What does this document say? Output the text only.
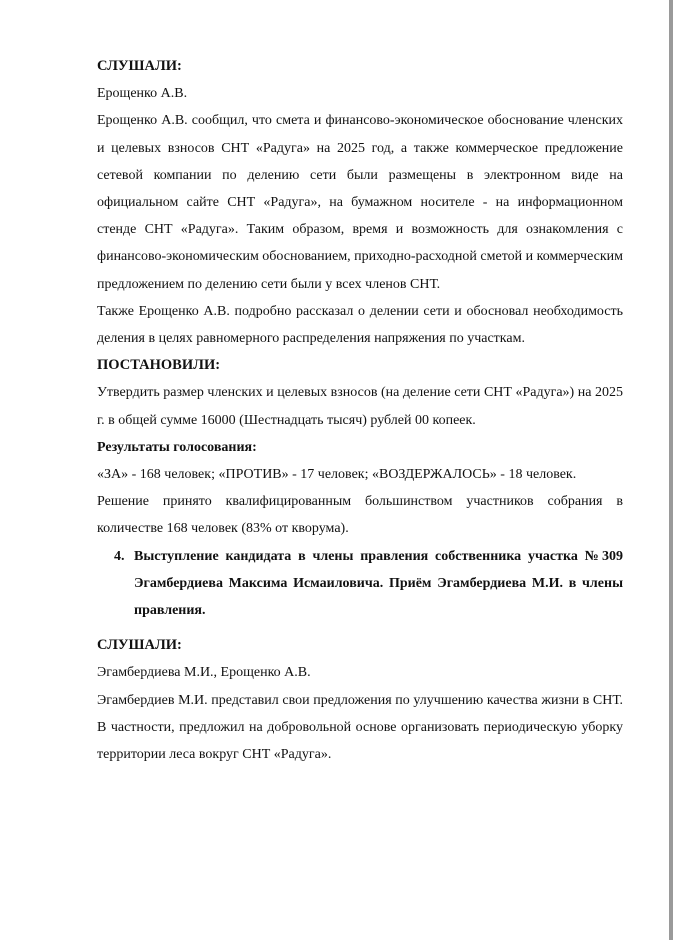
СЛУШАЛИ:

Ерощенко А.В.

Ерощенко А.В. сообщил, что смета и финансово-экономическое обоснование членских и целевых взносов СНТ «Радуга» на 2025 год, а также коммерческое предложение сетевой компании по делению сети были размещены в электронном виде на официальном сайте СНТ «Радуга», на бумажном носителе - на информационном стенде СНТ «Радуга». Таким образом, время и возможность для ознакомления с финансово-экономическим обоснованием, приходно-расходной сметой и коммерческим предложением по делению сети были у всех членов СНТ.

Также Ерощенко А.В. подробно рассказал о делении сети и обосновал необходимость деления в целях равномерного распределения напряжения по участкам.

ПОСТАНОВИЛИ:

Утвердить размер членских и целевых взносов (на деление сети СНТ «Радуга») на 2025 г. в общей сумме 16000 (Шестнадцать тысяч) рублей 00 копеек.

Результаты голосования:

«ЗА» - 168 человек; «ПРОТИВ» - 17 человек; «ВОЗДЕРЖАЛОСЬ» - 18 человек.

Решение принято квалифицированным большинством участников собрания в количестве 168 человек (83% от кворума).

4. Выступление кандидата в члены правления собственника участка №309 Эгамбердиева Максима Исмаиловича. Приём Эгамбердиева М.И. в члены правления.

СЛУШАЛИ:

Эгамбердиева М.И., Ерощенко А.В.

Эгамбердиев М.И. представил свои предложения по улучшению качества жизни в СНТ. В частности, предложил на добровольной основе организовать периодическую уборку территории леса вокруг СНТ «Радуга».
